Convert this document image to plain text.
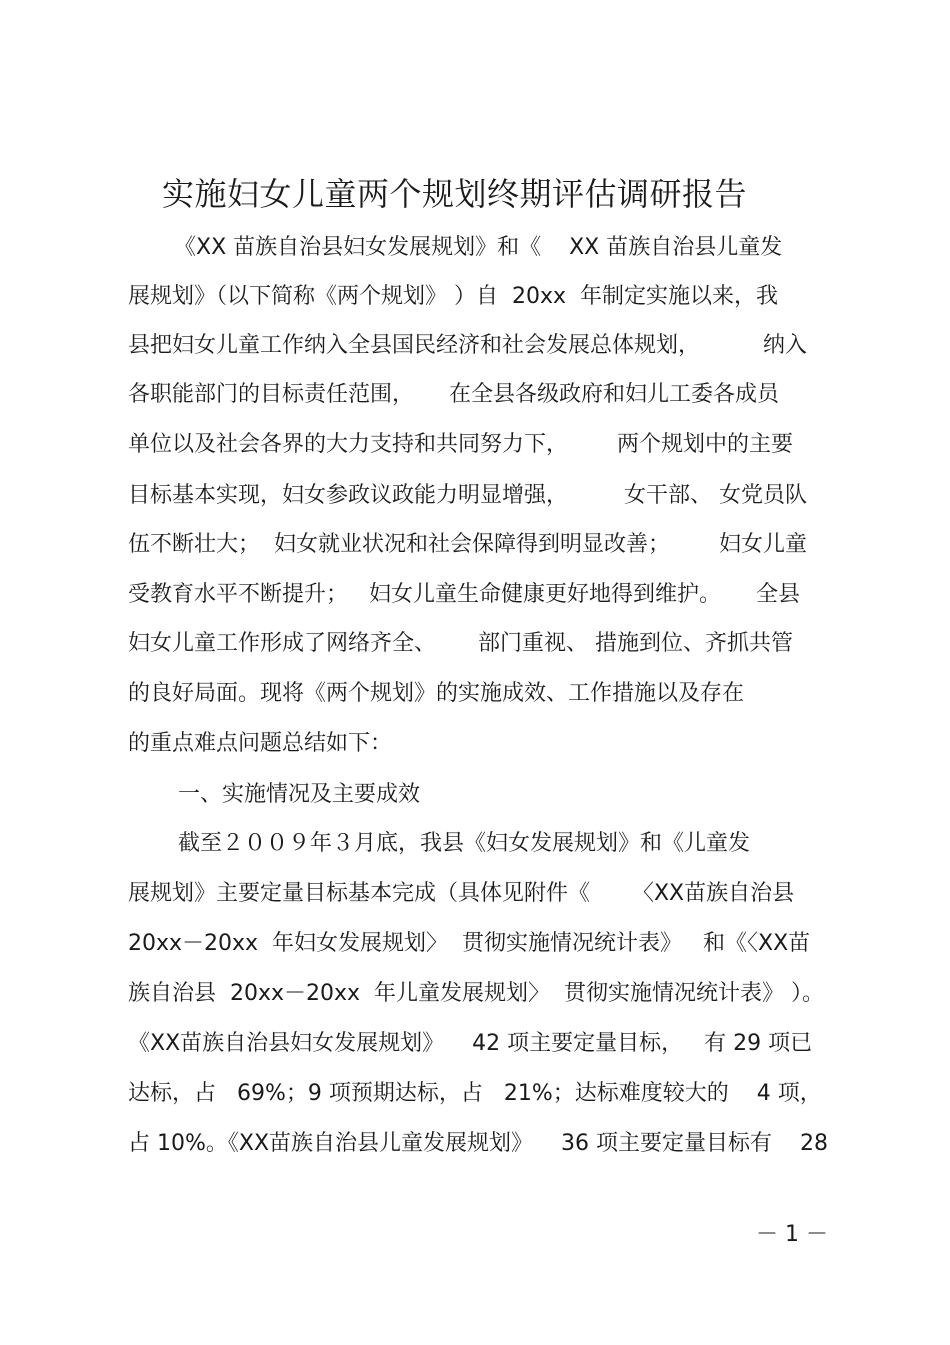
实施妇女儿童两个规划终期评估调研报告
《XX 苗族自治县妇女发展规划》和《    XX 苗族自治县儿童发
展规划》（以下简称《两个规划》 ）自  20xx  年制定实施以来，我
县把妇女儿童工作纳入全县国民经济和社会发展总体规划，         纳入
各职能部门的目标责任范围，     在全县各级政府和妇儿工委各成员
单位以及社会各界的大力支持和共同努力下，       两个规划中的主要
目标基本实现，妇女参政议政能力明显增强，        女干部、 女党员队
伍不断壮大；  妇女就业状况和社会保障得到明显改善；       妇女儿童
受教育水平不断提升；   妇女儿童生命健康更好地得到维护。     全县
妇女儿童工作形成了网络齐全、      部门重视、 措施到位、齐抓共管
的良好局面。现将《两个规划》的实施成效、工作措施以及存在
的重点难点问题总结如下：
一、实施情况及主要成效
截至２００９年３月底，我县《妇女发展规划》和《儿童发
展规划》主要定量目标基本完成（具体见附件《      〈XX苗族自治县
20xx－20xx  年妇女发展规划〉  贯彻实施情况统计表》   和《〈XX苗
族自治县  20xx－20xx  年儿童发展规划〉  贯彻实施情况统计表》 ）。
《XX苗族自治县妇女发展规划》    42 项主要定量目标，   有 29 项已
达标，占   69%；9 项预期达标，占   21%；达标难度较大的    4 项，
占 10%。《XX苗族自治县儿童发展规划》    36 项主要定量目标有    28
－ 1 －
